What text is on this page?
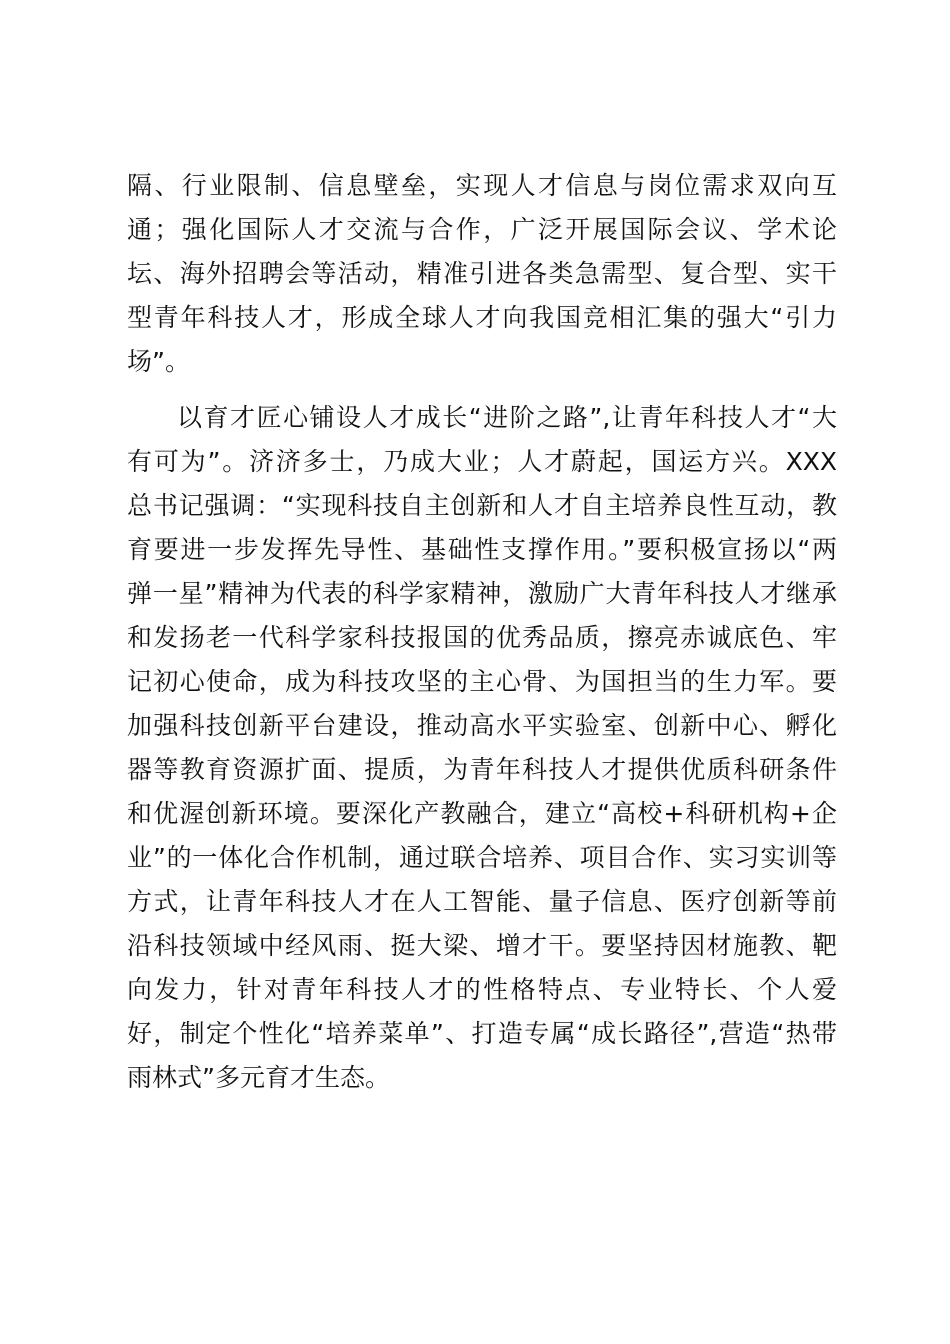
隔、行业限制、信息壁垒，实现人才信息与岗位需求双向互
通；强化国际人才交流与合作，广泛开展国际会议、学术论
坛、海外招聘会等活动，精准引进各类急需型、复合型、实干
型青年科技人才，形成全球人才向我国竞相汇集的强大“引力
场”。
以育才匠心铺设人才成长“进阶之路”,让青年科技人才“大
有可为”。济济多士，乃成大业；人才蔚起，国运方兴。XXX
总书记强调：“实现科技自主创新和人才自主培养良性互动，教
育要进一步发挥先导性、基础性支撑作用。”要积极宣扬以“两
弹一星”精神为代表的科学家精神，激励广大青年科技人才继承
和发扬老一代科学家科技报国的优秀品质，擦亮赤诚底色、牢
记初心使命，成为科技攻坚的主心骨、为国担当的生力军。要
加强科技创新平台建设，推动高水平实验室、创新中心、孵化
器等教育资源扩面、提质，为青年科技人才提供优质科研条件
和优渥创新环境。要深化产教融合，建立“高校+科研机构+企
业”的一体化合作机制，通过联合培养、项目合作、实习实训等
方式，让青年科技人才在人工智能、量子信息、医疗创新等前
沿科技领域中经风雨、挺大梁、增才干。要坚持因材施教、靶
向发力，针对青年科技人才的性格特点、专业特长、个人爱
好，制定个性化“培养菜单”、打造专属“成长路径”,营造“热带
雨林式”多元育才生态。
